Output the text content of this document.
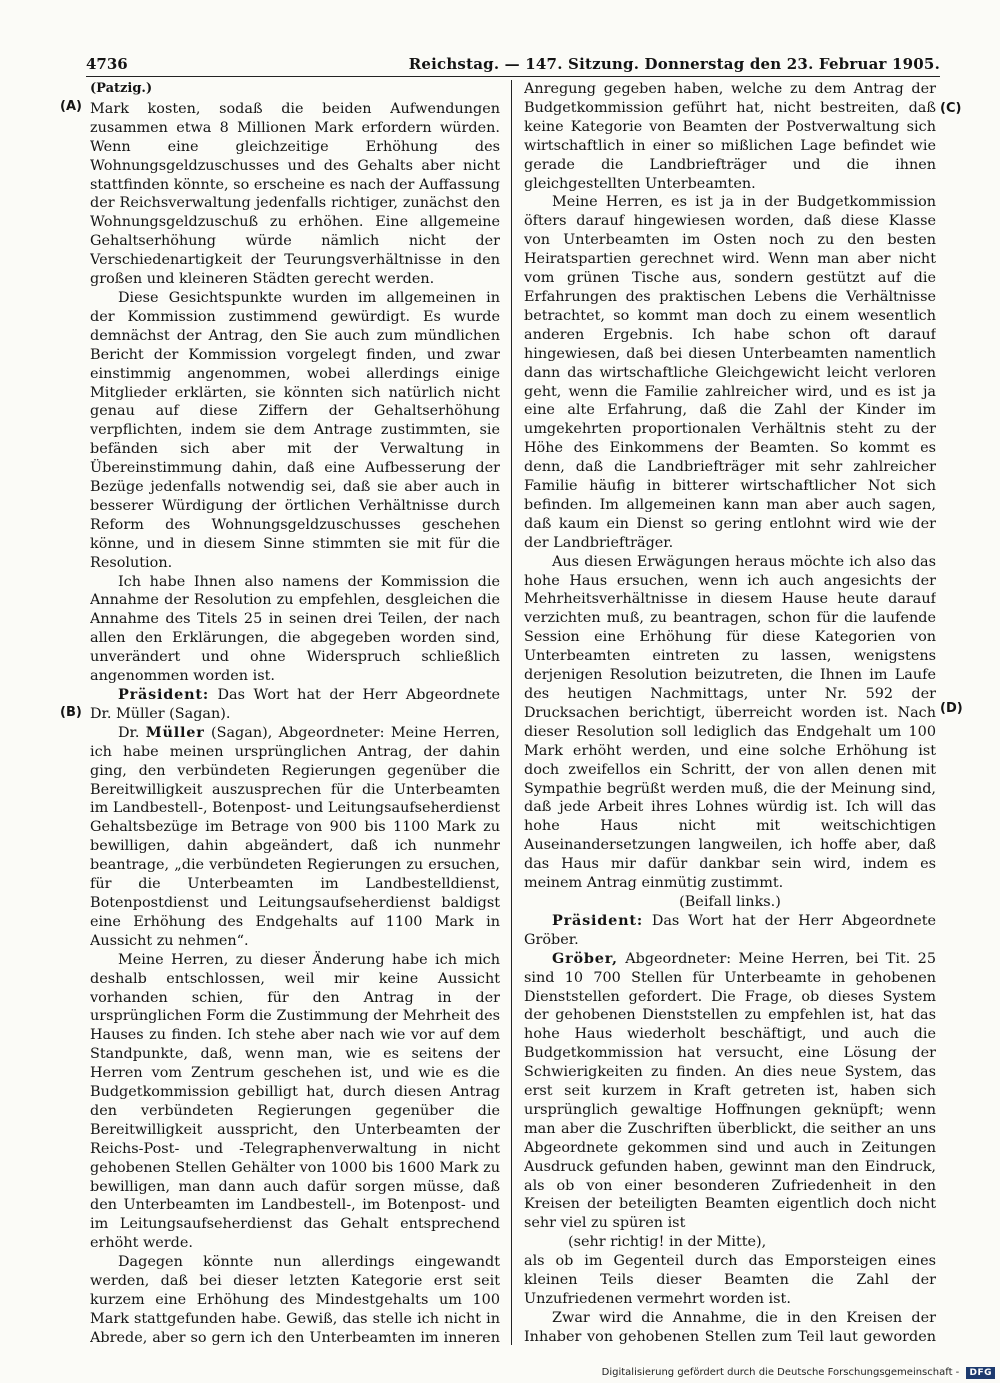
4736	Reichstag. — 147. Sitzung. Donnerstag den 23. Februar 1905.
(A)
(B)
(C)
(D)

(Patzig.)

Mark kosten, sodaß die beiden Aufwendungen zusammen etwa 8 Millionen Mark erfordern würden. Wenn eine gleichzeitige Erhöhung des Wohnungsgeldzuschusses und des Gehalts aber nicht stattfinden könnte, so erscheine es nach der Auffassung der Reichsverwaltung jedenfalls richtiger, zunächst den Wohnungsgeldzuschuß zu erhöhen. Eine allgemeine Gehaltserhöhung würde nämlich nicht der Verschiedenartigkeit der Teurungsverhältnisse in den großen und kleineren Städten gerecht werden.

Diese Gesichtspunkte wurden im allgemeinen in der Kommission zustimmend gewürdigt. Es wurde demnächst der Antrag, den Sie auch zum mündlichen Bericht der Kommission vorgelegt finden, und zwar einstimmig angenommen, wobei allerdings einige Mitglieder erklärten, sie könnten sich natürlich nicht genau auf diese Ziffern der Gehaltserhöhung verpflichten, indem sie dem Antrage zustimmten, sie befänden sich aber mit der Verwaltung in Übereinstimmung dahin, daß eine Aufbesserung der Bezüge jedenfalls notwendig sei, daß sie aber auch in besserer Würdigung der örtlichen Verhältnisse durch Reform des Wohnungsgeldzuschusses geschehen könne, und in diesem Sinne stimmten sie mit für die Resolution.

Ich habe Ihnen also namens der Kommission die Annahme der Resolution zu empfehlen, desgleichen die Annahme des Titels 25 in seinen drei Teilen, der nach allen den Erklärungen, die abgegeben worden sind, unverändert und ohne Widerspruch schließlich angenommen worden ist.

Präsident: Das Wort hat der Herr Abgeordnete Dr. Müller (Sagan).

Dr. Müller (Sagan), Abgeordneter: Meine Herren, ich habe meinen ursprünglichen Antrag, der dahin ging, den verbündeten Regierungen gegenüber die Bereitwilligkeit auszusprechen für die Unterbeamten im Landbestell-, Botenpost- und Leitungsaufseherdienst Gehaltsbezüge im Betrage von 900 bis 1100 Mark zu bewilligen, dahin abgeändert, daß ich nunmehr beantrage, „die verbündeten Regierungen zu ersuchen, für die Unterbeamten im Landbestelldienst, Botenpostdienst und Leitungsaufseherdienst baldigst eine Erhöhung des Endgehalts auf 1100 Mark in Aussicht zu nehmen“.

Meine Herren, zu dieser Änderung habe ich mich deshalb entschlossen, weil mir keine Aussicht vorhanden schien, für den Antrag in der ursprünglichen Form die Zustimmung der Mehrheit des Hauses zu finden. Ich stehe aber nach wie vor auf dem Standpunkte, daß, wenn man, wie es seitens der Herren vom Zentrum geschehen ist, und wie es die Budgetkommission gebilligt hat, durch diesen Antrag den verbündeten Regierungen gegenüber die Bereitwilligkeit ausspricht, den Unterbeamten der Reichs-Post- und -Telegraphenverwaltung in nicht gehobenen Stellen Gehälter von 1000 bis 1600 Mark zu bewilligen, man dann auch dafür sorgen müsse, daß den Unterbeamten im Landbestell-, im Botenpost- und im Leitungsaufseherdienst das Gehalt entsprechend erhöht werde.

Dagegen könnte nun allerdings eingewandt werden, daß bei dieser letzten Kategorie erst seit kurzem eine Erhöhung des Mindestgehalts um 100 Mark stattgefunden habe. Gewiß, das stelle ich nicht in Abrede, aber so gern ich den Unterbeamten im inneren

Anregung gegeben haben, welche zu dem Antrag der Budgetkommission geführt hat, nicht bestreiten, daß keine Kategorie von Beamten der Postverwaltung sich wirtschaftlich in einer so mißlichen Lage befindet wie gerade die Landbriefträger und die ihnen gleichgestellten Unterbeamten.

Meine Herren, es ist ja in der Budgetkommission öfters darauf hingewiesen worden, daß diese Klasse von Unterbeamten im Osten noch zu den besten Heiratspartien gerechnet wird. Wenn man aber nicht vom grünen Tische aus, sondern gestützt auf die Erfahrungen des praktischen Lebens die Verhältnisse betrachtet, so kommt man doch zu einem wesentlich anderen Ergebnis. Ich habe schon oft darauf hingewiesen, daß bei diesen Unterbeamten namentlich dann das wirtschaftliche Gleichgewicht leicht verloren geht, wenn die Familie zahlreicher wird, und es ist ja eine alte Erfahrung, daß die Zahl der Kinder im umgekehrten proportionalen Verhältnis steht zu der Höhe des Einkommens der Beamten. So kommt es denn, daß die Landbriefträger mit sehr zahlreicher Familie häufig in bitterer wirtschaftlicher Not sich befinden. Im allgemeinen kann man aber auch sagen, daß kaum ein Dienst so gering entlohnt wird wie der der Landbriefträger.

Aus diesen Erwägungen heraus möchte ich also das hohe Haus ersuchen, wenn ich auch angesichts der Mehrheitsverhältnisse in diesem Hause heute darauf verzichten muß, zu beantragen, schon für die laufende Session eine Erhöhung für diese Kategorien von Unterbeamten eintreten zu lassen, wenigstens derjenigen Resolution beizutreten, die Ihnen im Laufe des heutigen Nachmittags, unter Nr. 592 der Drucksachen berichtigt, überreicht worden ist. Nach dieser Resolution soll lediglich das Endgehalt um 100 Mark erhöht werden, und eine solche Erhöhung ist doch zweifellos ein Schritt, der von allen denen mit Sympathie begrüßt werden muß, die der Meinung sind, daß jede Arbeit ihres Lohnes würdig ist. Ich will das hohe Haus nicht mit weitschichtigen Auseinandersetzungen langweilen, ich hoffe aber, daß das Haus mir dafür dankbar sein wird, indem es meinem Antrag einmütig zustimmt.

(Beifall links.)

Präsident: Das Wort hat der Herr Abgeordnete Gröber.

Gröber, Abgeordneter: Meine Herren, bei Tit. 25 sind 10 700 Stellen für Unterbeamte in gehobenen Dienststellen gefordert. Die Frage, ob dieses System der gehobenen Dienststellen zu empfehlen ist, hat das hohe Haus wiederholt beschäftigt, und auch die Budgetkommission hat versucht, eine Lösung der Schwierigkeiten zu finden. An dies neue System, das erst seit kurzem in Kraft getreten ist, haben sich ursprünglich gewaltige Hoffnungen geknüpft; wenn man aber die Zuschriften überblickt, die seither an uns Abgeordnete gekommen sind und auch in Zeitungen Ausdruck gefunden haben, gewinnt man den Eindruck, als ob von einer besonderen Zufriedenheit in den Kreisen der beteiligten Beamten eigentlich doch nicht sehr viel zu spüren ist

(sehr richtig! in der Mitte),

als ob im Gegenteil durch das Emporsteigen eines kleinen Teils dieser Beamten die Zahl der Unzufriedenen vermehrt worden ist.

Zwar wird die Annahme, die in den Kreisen der Inhaber von gehobenen Stellen zum Teil laut geworden

Digitalisierung gefördert durch die Deutsche Forschungsgemeinschaft - DFG
